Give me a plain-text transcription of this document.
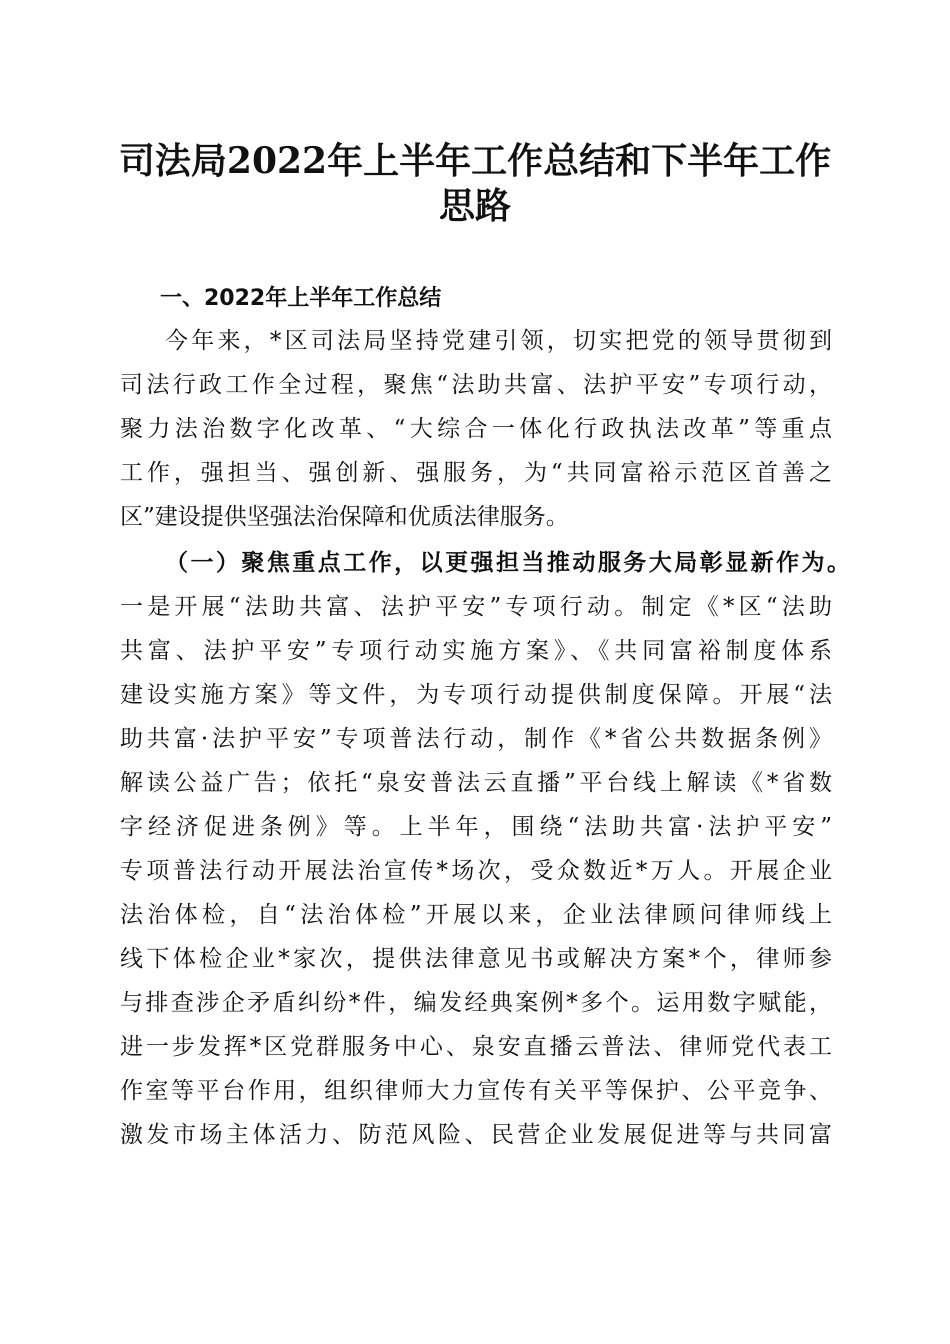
司法局2022年上半年工作总结和下半年工作
思路
一、2022年上半年工作总结
今年来，*区司法局坚持党建引领，切实把党的领导贯彻到
司法行政工作全过程，聚焦“法助共富、法护平安”专项行动，
聚力法治数字化改革、“大综合一体化行政执法改革”等重点
工作，强担当、强创新、强服务，为“共同富裕示范区首善之
区”建设提供坚强法治保障和优质法律服务。
（一）聚焦重点工作，以更强担当推动服务大局彰显新作为。
一是开展“法助共富、法护平安”专项行动。制定《*区“法助
共富、法护平安”专项行动实施方案》、《共同富裕制度体系
建设实施方案》等文件，为专项行动提供制度保障。开展“法
助共富·法护平安”专项普法行动，制作《*省公共数据条例》
解读公益广告；依托“泉安普法云直播”平台线上解读《*省数
字经济促进条例》等。上半年，围绕“法助共富·法护平安”
专项普法行动开展法治宣传*场次，受众数近*万人。开展企业
法治体检，自“法治体检”开展以来，企业法律顾问律师线上
线下体检企业*家次，提供法律意见书或解决方案*个，律师参
与排查涉企矛盾纠纷*件，编发经典案例*多个。运用数字赋能，
进一步发挥*区党群服务中心、泉安直播云普法、律师党代表工
作室等平台作用，组织律师大力宣传有关平等保护、公平竞争、
激发市场主体活力、防范风险、民营企业发展促进等与共同富
